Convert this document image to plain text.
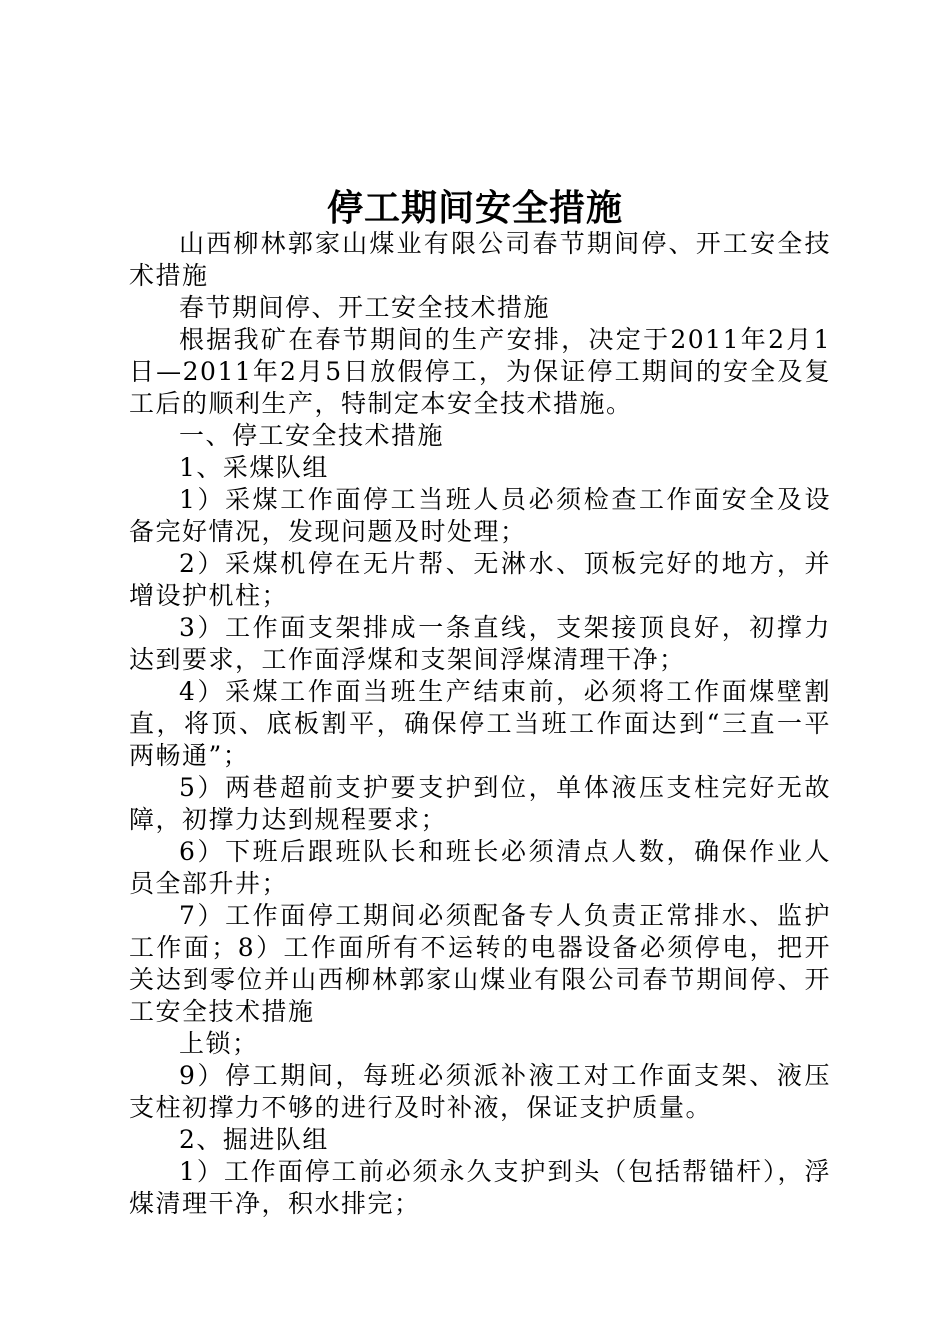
停工期间安全措施

山西柳林郭家山煤业有限公司春节期间停、开工安全技术措施

春节期间停、开工安全技术措施

根据我矿在春节期间的生产安排，决定于2011年2月1日—2011年2月5日放假停工，为保证停工期间的安全及复工后的顺利生产，特制定本安全技术措施。

一、停工安全技术措施

1、采煤队组

1）采煤工作面停工当班人员必须检查工作面安全及设备完好情况，发现问题及时处理；

2）采煤机停在无片帮、无淋水、顶板完好的地方，并增设护机柱；

3）工作面支架排成一条直线，支架接顶良好，初撑力达到要求，工作面浮煤和支架间浮煤清理干净；

4）采煤工作面当班生产结束前，必须将工作面煤壁割直，将顶、底板割平，确保停工当班工作面达到“三直一平两畅通”；

5）两巷超前支护要支护到位，单体液压支柱完好无故障，初撑力达到规程要求；

6）下班后跟班队长和班长必须清点人数，确保作业人员全部升井；

7）工作面停工期间必须配备专人负责正常排水、监护工作面；8）工作面所有不运转的电器设备必须停电，把开关达到零位并山西柳林郭家山煤业有限公司春节期间停、开工安全技术措施

上锁；

9）停工期间，每班必须派补液工对工作面支架、液压支柱初撑力不够的进行及时补液，保证支护质量。

2、掘进队组

1）工作面停工前必须永久支护到头（包括帮锚杆），浮煤清理干净，积水排完；
